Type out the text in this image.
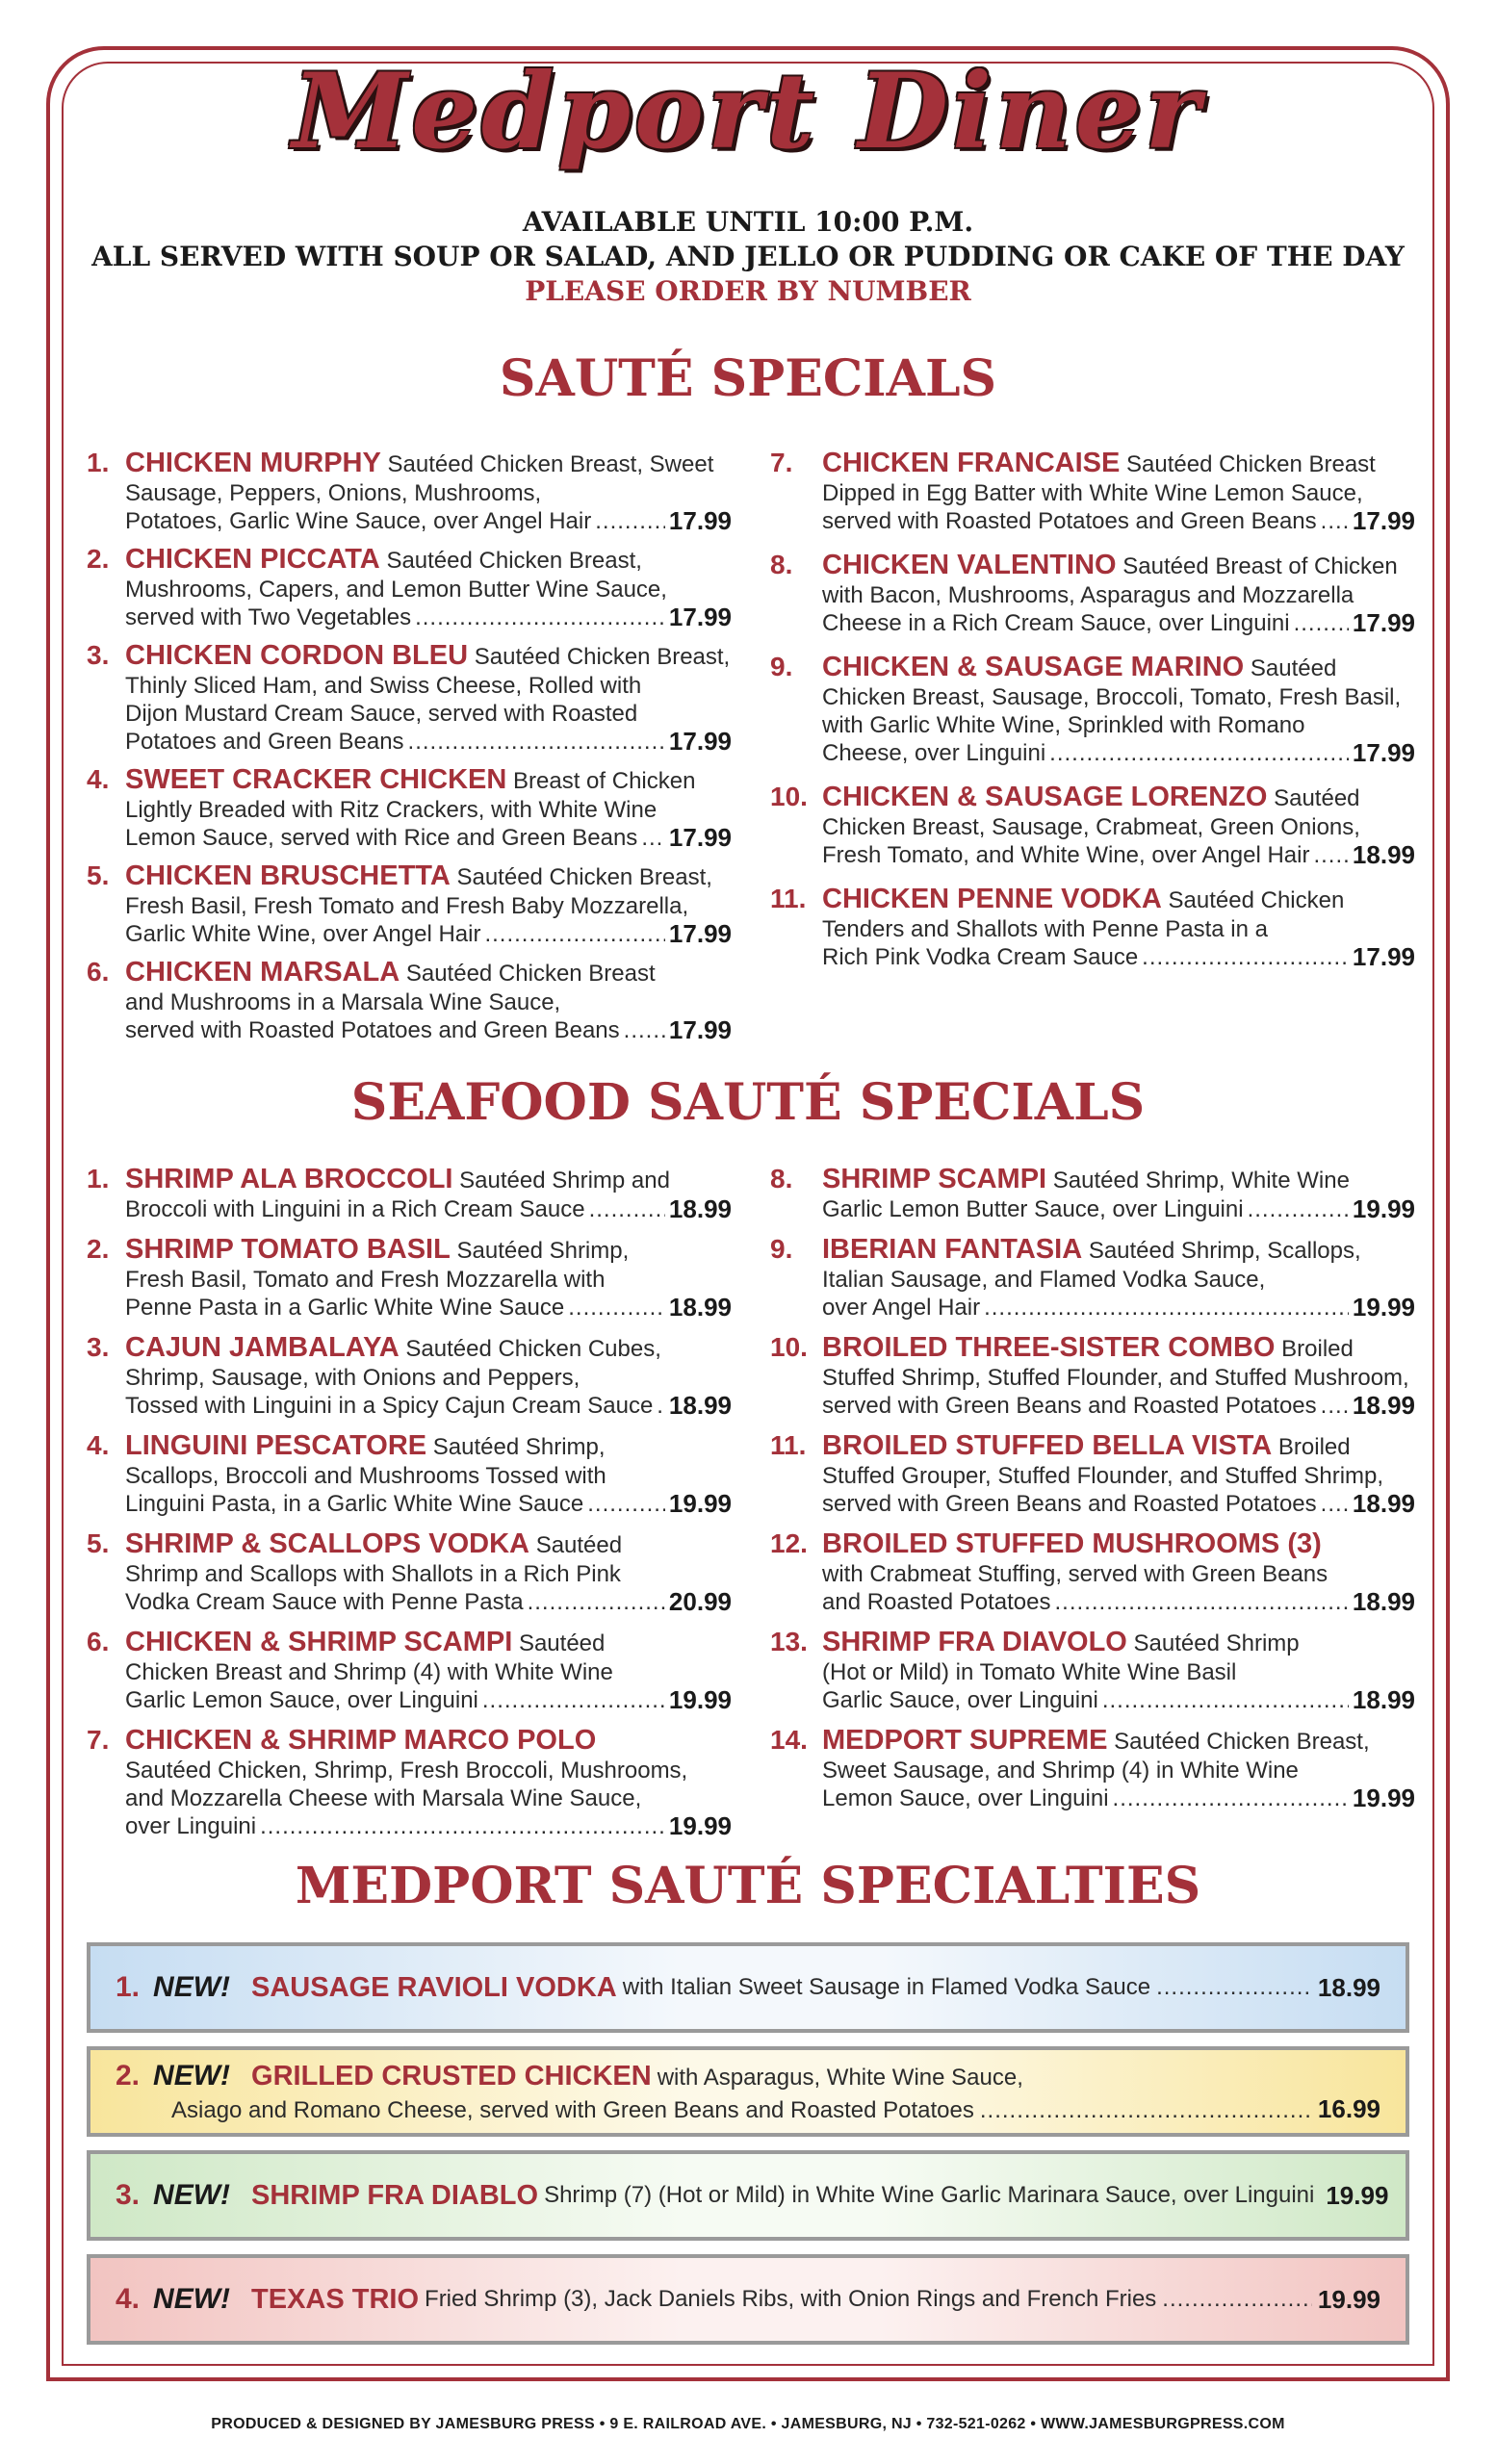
Medport Diner
AVAILABLE UNTIL 10:00 P.M.
ALL SERVED WITH SOUP OR SALAD, AND JELLO OR PUDDING OR CAKE OF THE DAY
PLEASE ORDER BY NUMBER
SAUTÉ SPECIALS
1. CHICKEN MURPHY Sautéed Chicken Breast, Sweet
Sausage, Peppers, Onions, Mushrooms,
Potatoes, Garlic Wine Sauce, over Angel Hair .....	17.99
2. CHICKEN PICCATA Sautéed Chicken Breast,
Mushrooms, Capers, and Lemon Butter Wine Sauce,
served with Two Vegetables .....	17.99
3. CHICKEN CORDON BLEU Sautéed Chicken Breast,
Thinly Sliced Ham, and Swiss Cheese, Rolled with
Dijon Mustard Cream Sauce, served with Roasted
Potatoes and Green Beans .....	17.99
4. SWEET CRACKER CHICKEN Breast of Chicken
Lightly Breaded with Ritz Crackers, with White Wine
Lemon Sauce, served with Rice and Green Beans ..... 17.99
5. CHICKEN BRUSCHETTA Sautéed Chicken Breast,
Fresh Basil, Fresh Tomato and Fresh Baby Mozzarella,
Garlic White Wine, over Angel Hair .....	17.99
6. CHICKEN MARSALA Sautéed Chicken Breast
and Mushrooms in a Marsala Wine Sauce,
served with Roasted Potatoes and Green Beans ..... 17.99
7. CHICKEN FRANCAISE Sautéed Chicken Breast
Dipped in Egg Batter with White Wine Lemon Sauce,
served with Roasted Potatoes and Green Beans ..... 17.99
8. CHICKEN VALENTINO Sautéed Breast of Chicken
with Bacon, Mushrooms, Asparagus and Mozzarella
Cheese in a Rich Cream Sauce, over Linguini .....	17.99
9. CHICKEN & SAUSAGE MARINO Sautéed
Chicken Breast, Sausage, Broccoli, Tomato, Fresh Basil,
with Garlic White Wine, Sprinkled with Romano
Cheese, over Linguini .....	17.99
10. CHICKEN & SAUSAGE LORENZO Sautéed
Chicken Breast, Sausage, Crabmeat, Green Onions,
Fresh Tomato, and White Wine, over Angel Hair ..... 18.99
11. CHICKEN PENNE VODKA Sautéed Chicken
Tenders and Shallots with Penne Pasta in a
Rich Pink Vodka Cream Sauce .....	17.99
SEAFOOD SAUTÉ SPECIALS
1. SHRIMP ALA BROCCOLI Sautéed Shrimp and
Broccoli with Linguini in a Rich Cream Sauce .....	18.99
2. SHRIMP TOMATO BASIL Sautéed Shrimp,
Fresh Basil, Tomato and Fresh Mozzarella with
Penne Pasta in a Garlic White Wine Sauce .....	18.99
3. CAJUN JAMBALAYA Sautéed Chicken Cubes,
Shrimp, Sausage, with Onions and Peppers,
Tossed with Linguini in a Spicy Cajun Cream Sauce ..... 18.99
4. LINGUINI PESCATORE Sautéed Shrimp,
Scallops, Broccoli and Mushrooms Tossed with
Linguini Pasta, in a Garlic White Wine Sauce .....	19.99
5. SHRIMP & SCALLOPS VODKA Sautéed
Shrimp and Scallops with Shallots in a Rich Pink
Vodka Cream Sauce with Penne Pasta .....	20.99
6. CHICKEN & SHRIMP SCAMPI Sautéed
Chicken Breast and Shrimp (4) with White Wine
Garlic Lemon Sauce, over Linguini .....	19.99
7. CHICKEN & SHRIMP MARCO POLO
Sautéed Chicken, Shrimp, Fresh Broccoli, Mushrooms,
and Mozzarella Cheese with Marsala Wine Sauce,
over Linguini .....	19.99
8. SHRIMP SCAMPI Sautéed Shrimp, White Wine
Garlic Lemon Butter Sauce, over Linguini .....	19.99
9. IBERIAN FANTASIA Sautéed Shrimp, Scallops,
Italian Sausage, and Flamed Vodka Sauce,
over Angel Hair .....	19.99
10. BROILED THREE-SISTER COMBO Broiled
Stuffed Shrimp, Stuffed Flounder, and Stuffed Mushroom,
served with Green Beans and Roasted Potatoes ..... 18.99
11. BROILED STUFFED BELLA VISTA Broiled
Stuffed Grouper, Stuffed Flounder, and Stuffed Shrimp,
served with Green Beans and Roasted Potatoes ..... 18.99
12. BROILED STUFFED MUSHROOMS (3)
with Crabmeat Stuffing, served with Green Beans
and Roasted Potatoes .....	18.99
13. SHRIMP FRA DIAVOLO Sautéed Shrimp
(Hot or Mild) in Tomato White Wine Basil
Garlic Sauce, over Linguini .....	18.99
14. MEDPORT SUPREME Sautéed Chicken Breast,
Sweet Sausage, and Shrimp (4) in White Wine
Lemon Sauce, over Linguini .....	19.99
MEDPORT SAUTÉ SPECIALTIES
1. NEW! SAUSAGE RAVIOLI VODKA with Italian Sweet Sausage in Flamed Vodka Sauce .....	18.99
2. NEW! GRILLED CRUSTED CHICKEN with Asparagus, White Wine Sauce,
Asiago and Romano Cheese, served with Green Beans and Roasted Potatoes .....	16.99
3. NEW! SHRIMP FRA DIABLO Shrimp (7) (Hot or Mild) in White Wine Garlic Marinara Sauce, over Linguini 19.99
4. NEW! TEXAS TRIO Fried Shrimp (3), Jack Daniels Ribs, with Onion Rings and French Fries .....	19.99
PRODUCED & DESIGNED BY JAMESBURG PRESS • 9 E. RAILROAD AVE. • JAMESBURG, NJ • 732-521-0262 • WWW.JAMESBURGPRESS.COM
